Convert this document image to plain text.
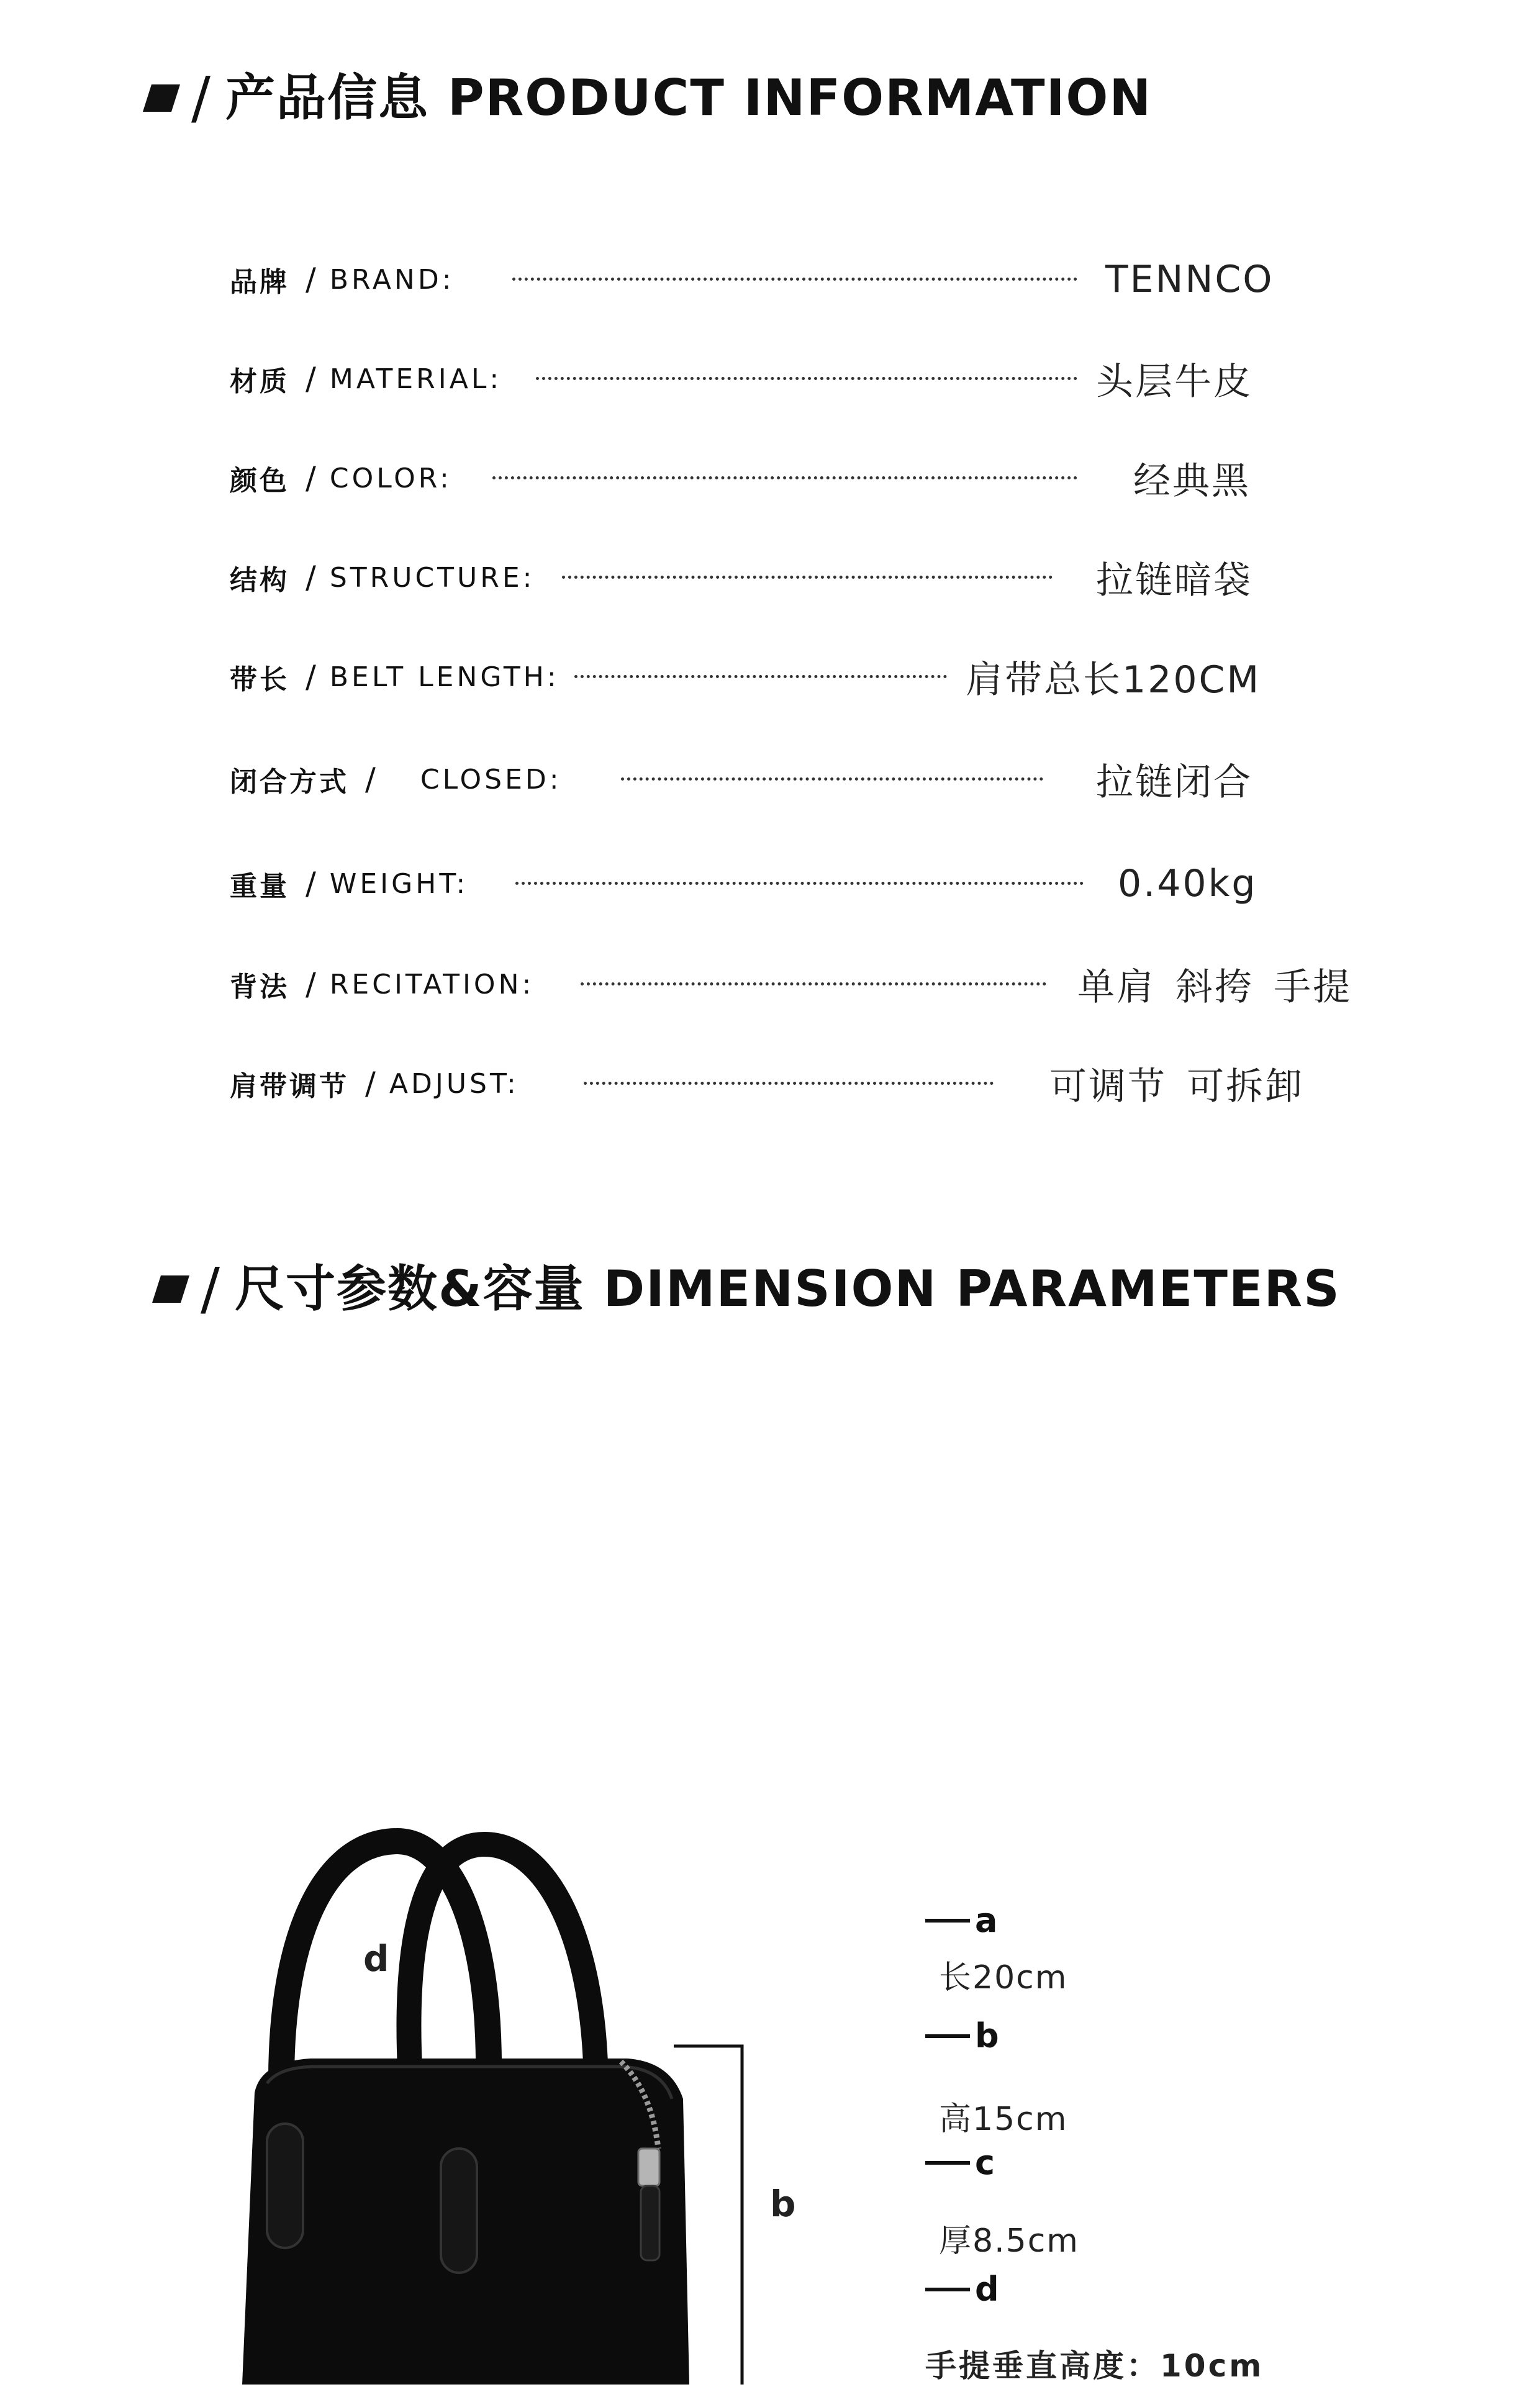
/ 产品信息 PRODUCT INFORMATION
品牌 / BRAND:	TENNCO
材质 / MATERIAL:	头层牛皮
颜色 / COLOR:	经典黑
结构 / STRUCTURE:	拉链暗袋
带长 / BELT LENGTH:	肩带总长120CM
闭合方式 / CLOSED:	拉链闭合
重量 / WEIGHT:	0.40kg
背法 / RECITATION:	单肩 斜挎 手提
肩带调节 / ADJUST:	可调节 可拆卸
/ 尺寸参数&容量 DIMENSION PARAMETERS
d
b
a
长20cm
b
高15cm
c
厚8.5cm
d
手提垂直高度：10cm
